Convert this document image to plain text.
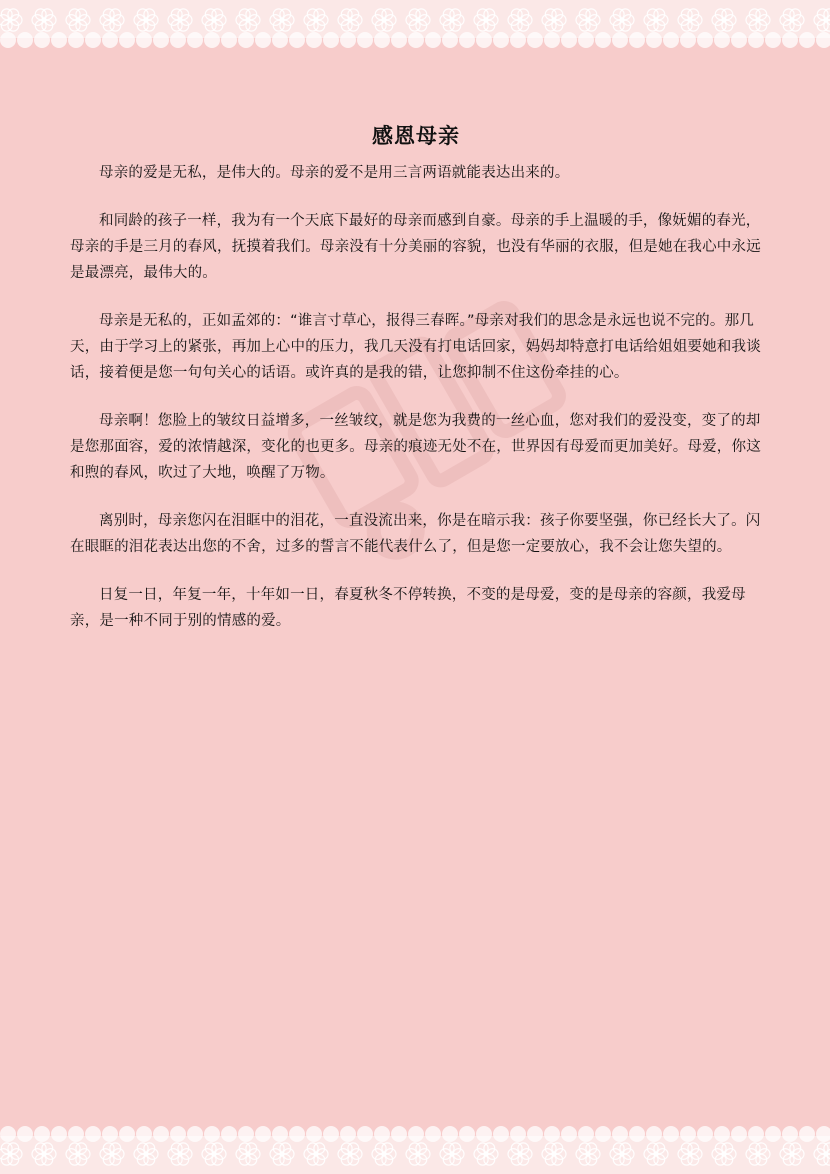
感恩母亲

母亲的爱是无私，是伟大的。母亲的爱不是用三言两语就能表达出来的。

和同龄的孩子一样，我为有一个天底下最好的母亲而感到自豪。母亲的手上温暖的手，像妩媚的春光，母亲的手是三月的春风，抚摸着我们。母亲没有十分美丽的容貌，也没有华丽的衣服，但是她在我心中永远是最漂亮，最伟大的。

母亲是无私的，正如孟郊的：“谁言寸草心，报得三春晖。”母亲对我们的思念是永远也说不完的。那几天，由于学习上的紧张，再加上心中的压力，我几天没有打电话回家，妈妈却特意打电话给姐姐要她和我谈话，接着便是您一句句关心的话语。或许真的是我的错，让您抑制不住这份牵挂的心。

母亲啊！您脸上的皱纹日益增多，一丝皱纹，就是您为我费的一丝心血，您对我们的爱没变，变了的却是您那面容，爱的浓情越深，变化的也更多。母亲的痕迹无处不在，世界因有母爱而更加美好。母爱，你这和煦的春风，吹过了大地，唤醒了万物。

离别时，母亲您闪在泪眶中的泪花，一直没流出来，你是在暗示我：孩子你要坚强，你已经长大了。闪在眼眶的泪花表达出您的不舍，过多的誓言不能代表什么了，但是您一定要放心，我不会让您失望的。

日复一日，年复一年，十年如一日，春夏秋冬不停转换，不变的是母爱，变的是母亲的容颜，我爱母亲，是一种不同于别的情感的爱。
